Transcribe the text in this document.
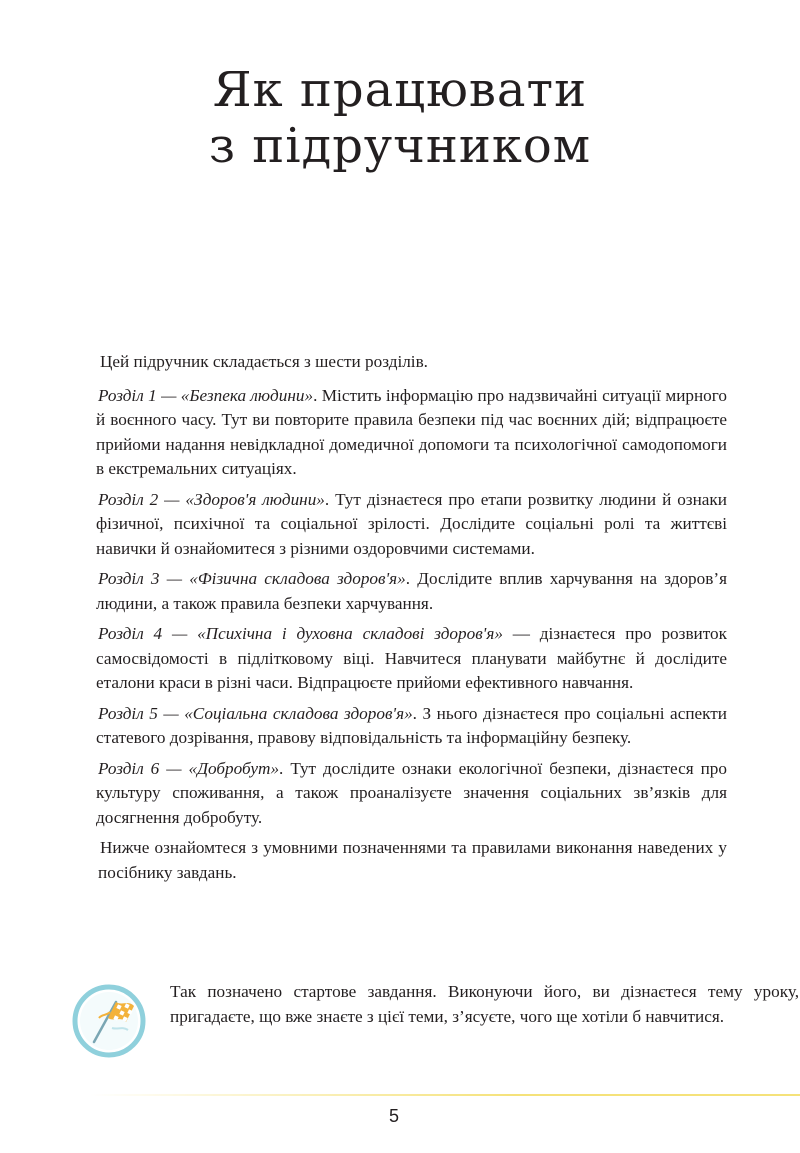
Як працювати
з підручником

Цей підручник складається з шести розділів.

Розділ 1 — «Безпека людини». Містить інформацію про надзвичайні ситуації мирного й воєнного часу. Тут ви повторите правила безпеки під час воєнних дій; відпрацюєте прийоми надання невідкладної домедичної допомоги та психологічної самодопомоги в екстремальних ситуаціях.

Розділ 2 — «Здоров'я людини». Тут дізнаєтеся про етапи розвитку людини й ознаки фізичної, психічної та соціальної зрілості. Дослідите соціальні ролі та життєві навички й ознайомитеся з різними оздоровчими системами.

Розділ 3 — «Фізична складова здоров'я». Дослідите вплив харчування на здоров’я людини, а також правила безпеки харчування.

Розділ 4 — «Психічна і духовна складові здоров'я» — дізнаєтеся про розвиток самосвідомості в підлітковому віці. Навчитеся планувати майбутнє й дослідите еталони краси в різні часи. Відпрацюєте прийоми ефективного навчання.

Розділ 5 — «Соціальна складова здоров'я». З нього дізнаєтеся про соціальні аспекти статевого дозрівання, правову відповідальність та інформаційну безпеку.

Розділ 6 — «Добробут». Тут дослідите ознаки екологічної безпеки, дізнаєтеся про культуру споживання, а також проаналізуєте значення соціальних зв’язків для досягнення добробуту.

Нижче ознайомтеся з умовними позначеннями та правилами виконання наведених у посібнику завдань.

Так позначено стартове завдання. Виконуючи його, ви дізнаєтеся тему уроку, пригадаєте, що вже знаєте з цієї теми, з’ясуєте, чого ще хотіли б навчитися.

5
